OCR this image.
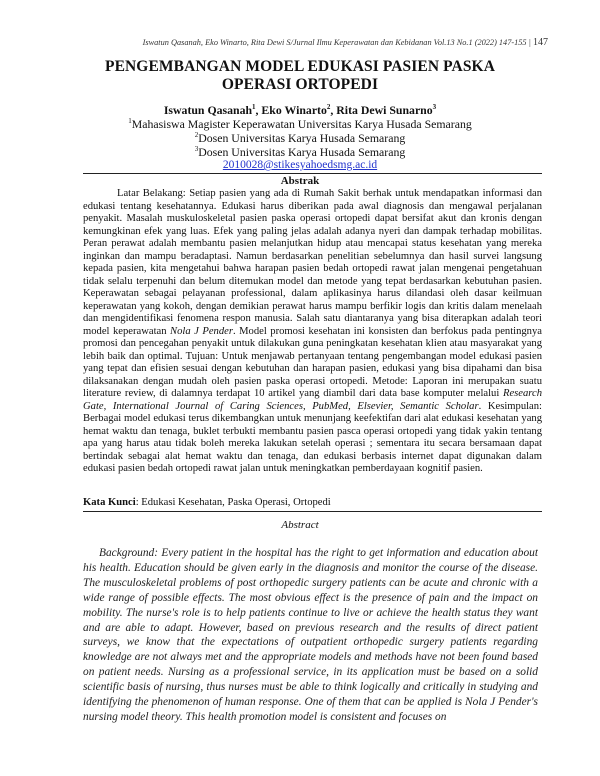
Iswatun Qasanah, Eko Winarto, Rita Dewi S/Jurnal Ilmu Keperawatan dan Kebidanan Vol.13 No.1 (2022) 147-155 | 147
PENGEMBANGAN MODEL EDUKASI PASIEN PASKA
OPERASI ORTOPEDI
Iswatun Qasanah$^1$, Eko Winarto$^2$, Rita Dewi Sunarno$^3$
$^1$Mahasiswa Magister Keperawatan Universitas Karya Husada Semarang
$^2$Dosen Universitas Karya Husada Semarang
$^3$Dosen Universitas Karya Husada Semarang
2010028@stikesyahoedsmg.ac.id
Abstrak
Latar Belakang: Setiap pasien yang ada di Rumah Sakit berhak untuk mendapatkan informasi dan edukasi tentang kesehatannya. Edukasi harus diberikan pada awal diagnosis dan mengawal perjalanan penyakit. Masalah muskuloskeletal pasien paska operasi ortopedi dapat bersifat akut dan kronis dengan kemungkinan efek yang luas. Efek yang paling jelas adalah adanya nyeri dan dampak terhadap mobilitas. Peran perawat adalah membantu pasien melanjutkan hidup atau mencapai status kesehatan yang mereka inginkan dan mampu beradaptasi. Namun berdasarkan penelitian sebelumnya dan hasil survei langsung kepada pasien, kita mengetahui bahwa harapan pasien bedah ortopedi rawat jalan mengenai pengetahuan tidak selalu terpenuhi dan belum ditemukan model dan metode yang tepat berdasarkan kebutuhan pasien. Keperawatan sebagai pelayanan professional, dalam aplikasinya harus dilandasi oleh dasar keilmuan keperawatan yang kokoh, dengan demikian perawat harus mampu berfikir logis dan kritis dalam menelaah dan mengidentifikasi fenomena respon manusia. Salah satu diantaranya yang bisa diterapkan adalah teori model keperawatan Nola J Pender. Model promosi kesehatan ini konsisten dan berfokus pada pentingnya promosi dan pencegahan penyakit untuk dilakukan guna peningkatan kesehatan klien atau masyarakat yang lebih baik dan optimal. Tujuan: Untuk menjawab pertanyaan tentang pengembangan model edukasi pasien yang tepat dan efisien sesuai dengan kebutuhan dan harapan pasien, edukasi yang bisa dipahami dan bisa dilaksanakan dengan mudah oleh pasien paska operasi ortopedi. Metode: Laporan ini merupakan suatu literature review, di dalamnya terdapat 10 artikel yang diambil dari data base komputer melalui Research Gate, International Journal of Caring Sciences, PubMed, Elsevier, Semantic Scholar. Kesimpulan: Berbagai model edukasi terus dikembangkan untuk menunjang keefektifan dari alat edukasi kesehatan yang hemat waktu dan tenaga, buklet terbukti membantu pasien pasca operasi ortopedi yang tidak yakin tentang apa yang harus atau tidak boleh mereka lakukan setelah operasi ; sementara itu secara bersamaan dapat bertindak sebagai alat hemat waktu dan tenaga, dan edukasi berbasis internet dapat digunakan dalam edukasi pasien bedah ortopedi rawat jalan untuk meningkatkan pemberdayaan kognitif pasien.
Kata Kunci: Edukasi Kesehatan, Paska Operasi, Ortopedi
Abstract
Background: Every patient in the hospital has the right to get information and education about his health. Education should be given early in the diagnosis and monitor the course of the disease. The musculoskeletal problems of post orthopedic surgery patients can be acute and chronic with a wide range of possible effects. The most obvious effect is the presence of pain and the impact on mobility. The nurse's role is to help patients continue to live or achieve the health status they want and are able to adapt. However, based on previous research and the results of direct patient surveys, we know that the expectations of outpatient orthopedic surgery patients regarding knowledge are not always met and the appropriate models and methods have not been found based on patient needs. Nursing as a professional service, in its application must be based on a solid scientific basis of nursing, thus nurses must be able to think logically and critically in studying and identifying the phenomenon of human response. One of them that can be applied is Nola J Pender's nursing model theory. This health promotion model is consistent and focuses on
